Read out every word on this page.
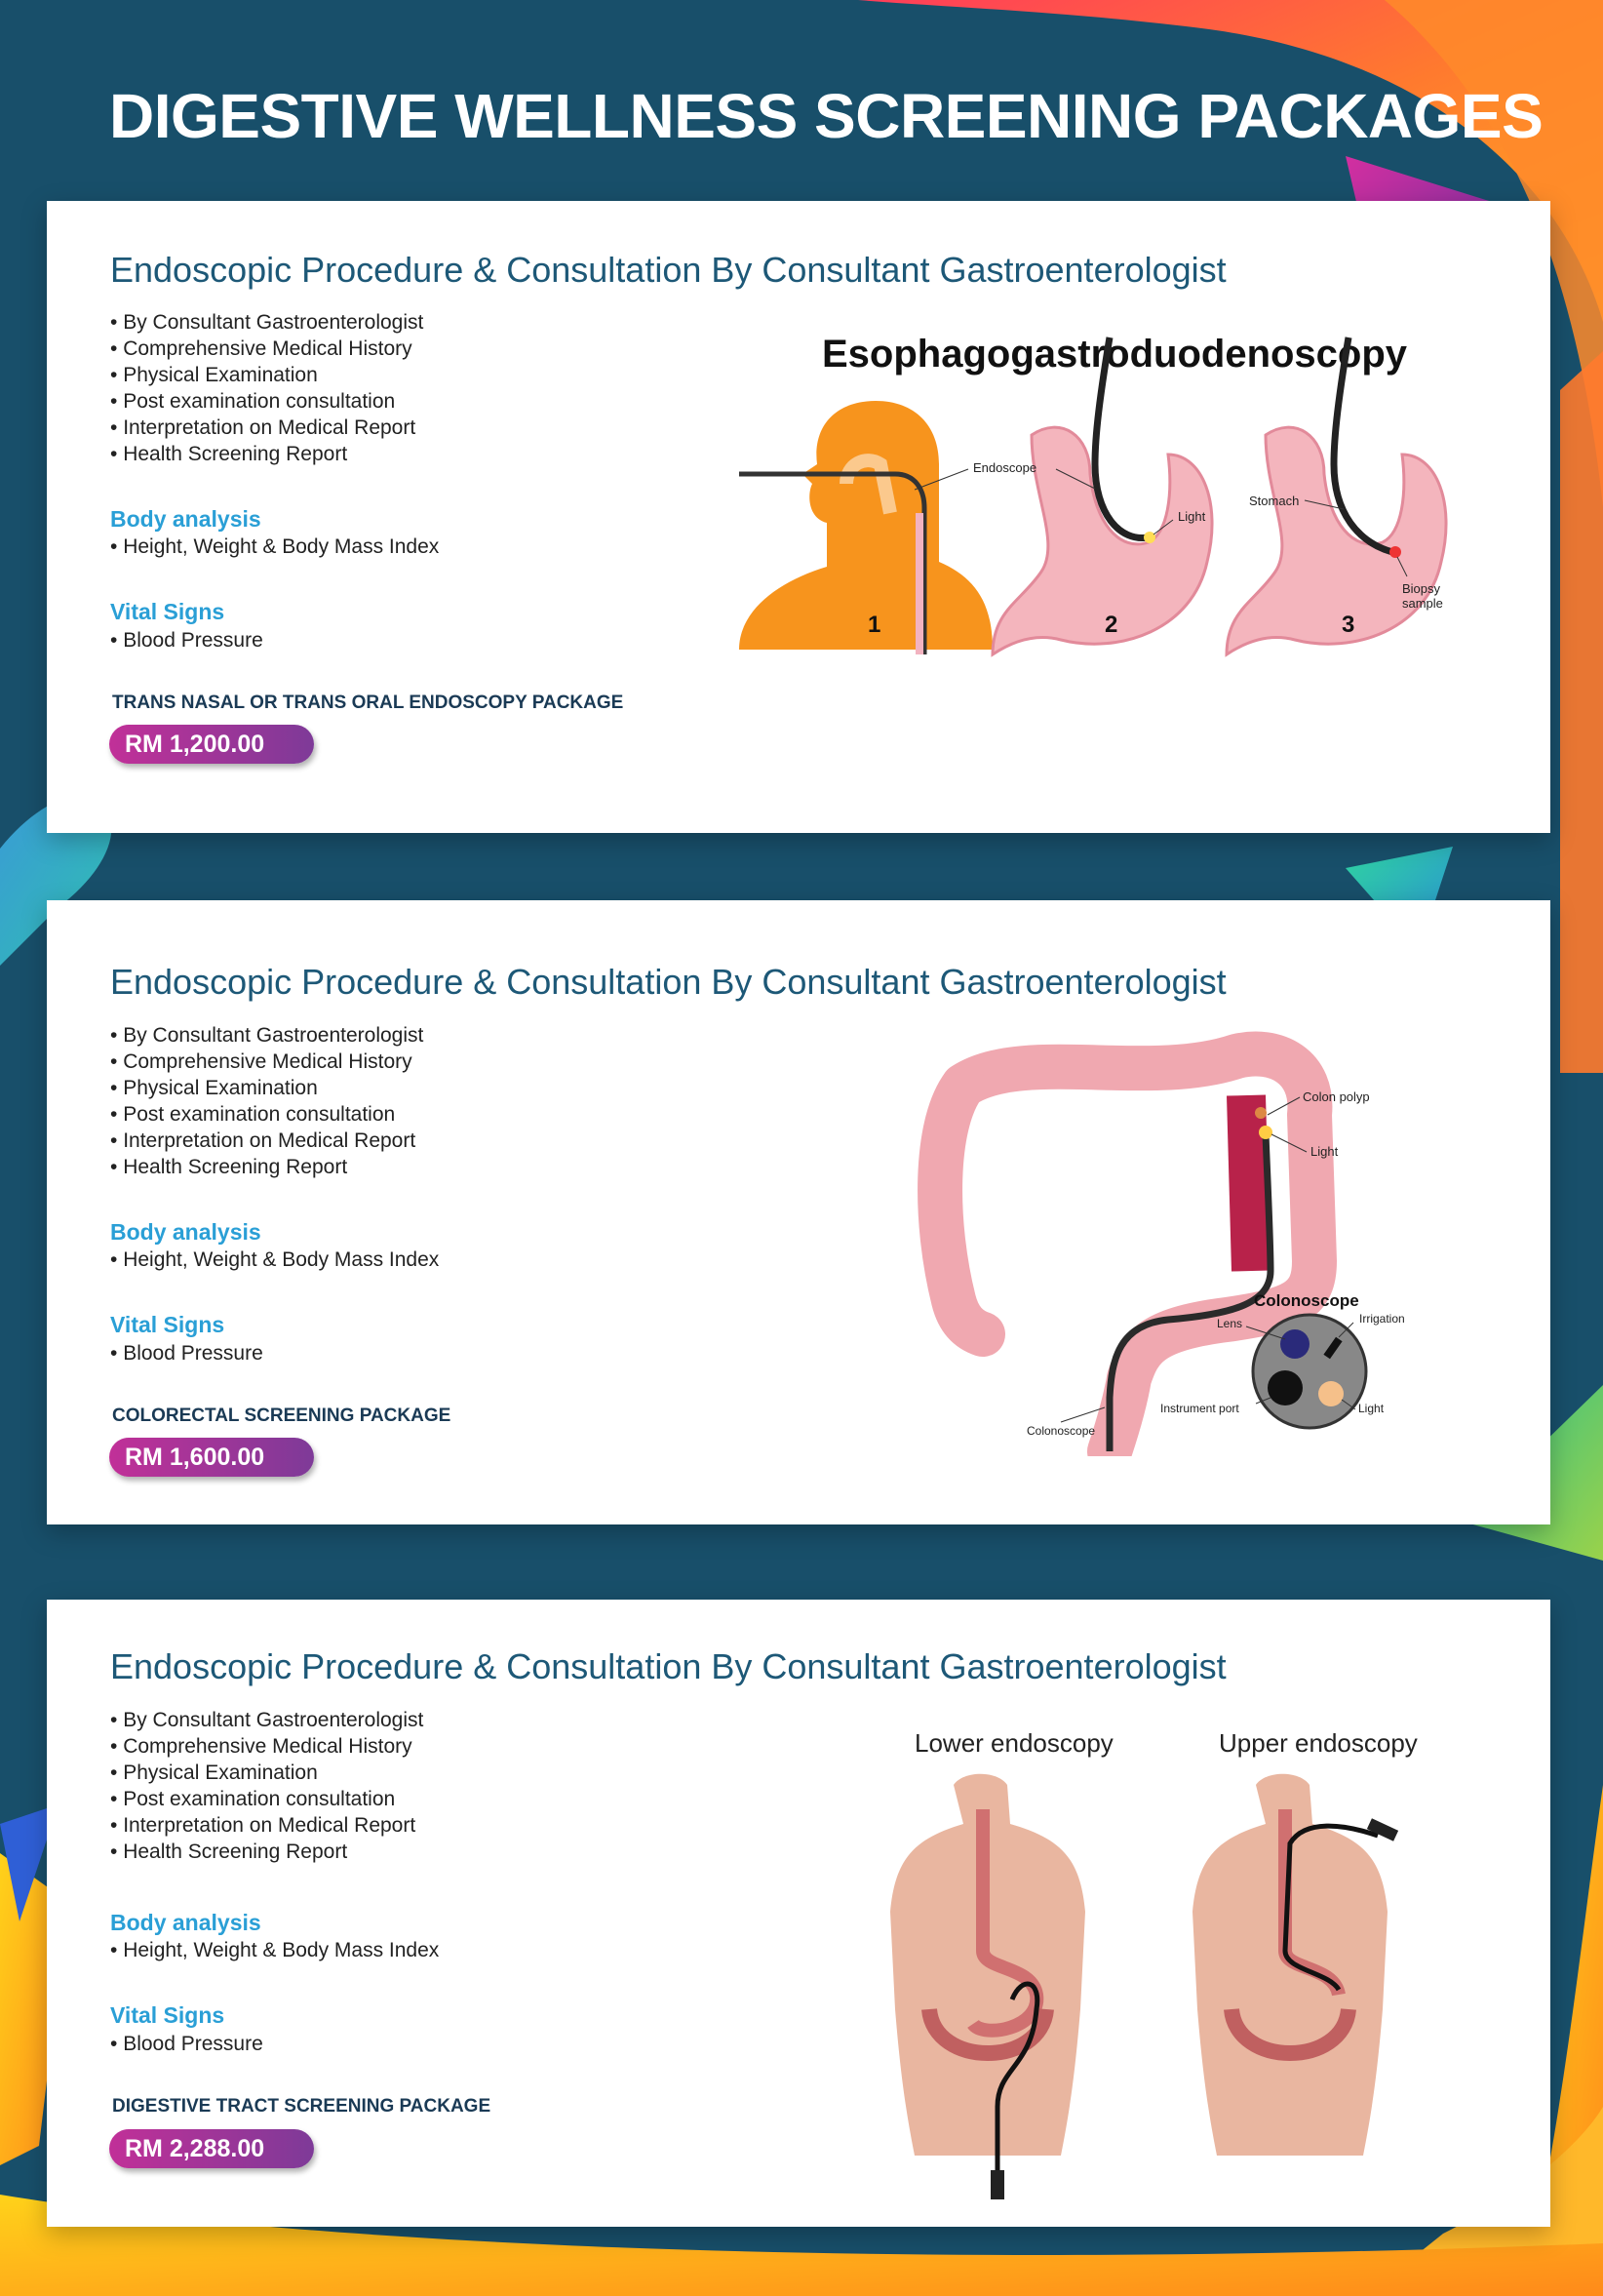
DIGESTIVE WELLNESS SCREENING PACKAGES
Endoscopic Procedure & Consultation By Consultant Gastroenterologist
• By Consultant Gastroenterologist
• Comprehensive Medical History
• Physical Examination
• Post examination consultation
• Interpretation on Medical Report
• Health Screening Report
Body analysis
• Height, Weight & Body Mass Index
Vital Signs
• Blood Pressure

TRANS NASAL OR TRANS ORAL ENDOSCOPY PACKAGE

RM 1,200.00
Esophagogastroduodenoscopy
Endoscope
Light
Stomach
Biopsy
sample
1	2	3
Endoscopic Procedure & Consultation By Consultant Gastroenterologist
• By Consultant Gastroenterologist
• Comprehensive Medical History
• Physical Examination
• Post examination consultation
• Interpretation on Medical Report
• Health Screening Report
Body analysis
• Height, Weight & Body Mass Index
Vital Signs
• Blood Pressure

COLORECTAL SCREENING PACKAGE

RM 1,600.00
Colon polyp
Light
Colonoscope
Lens	Irrigation
Instrument port	Light
Colonoscope
Endoscopic Procedure & Consultation By Consultant Gastroenterologist
• By Consultant Gastroenterologist
• Comprehensive Medical History
• Physical Examination
• Post examination consultation
• Interpretation on Medical Report
• Health Screening Report
Body analysis
• Height, Weight & Body Mass Index
Vital Signs
• Blood Pressure

DIGESTIVE TRACT SCREENING PACKAGE

RM 2,288.00
Lower endoscopy	Upper endoscopy
